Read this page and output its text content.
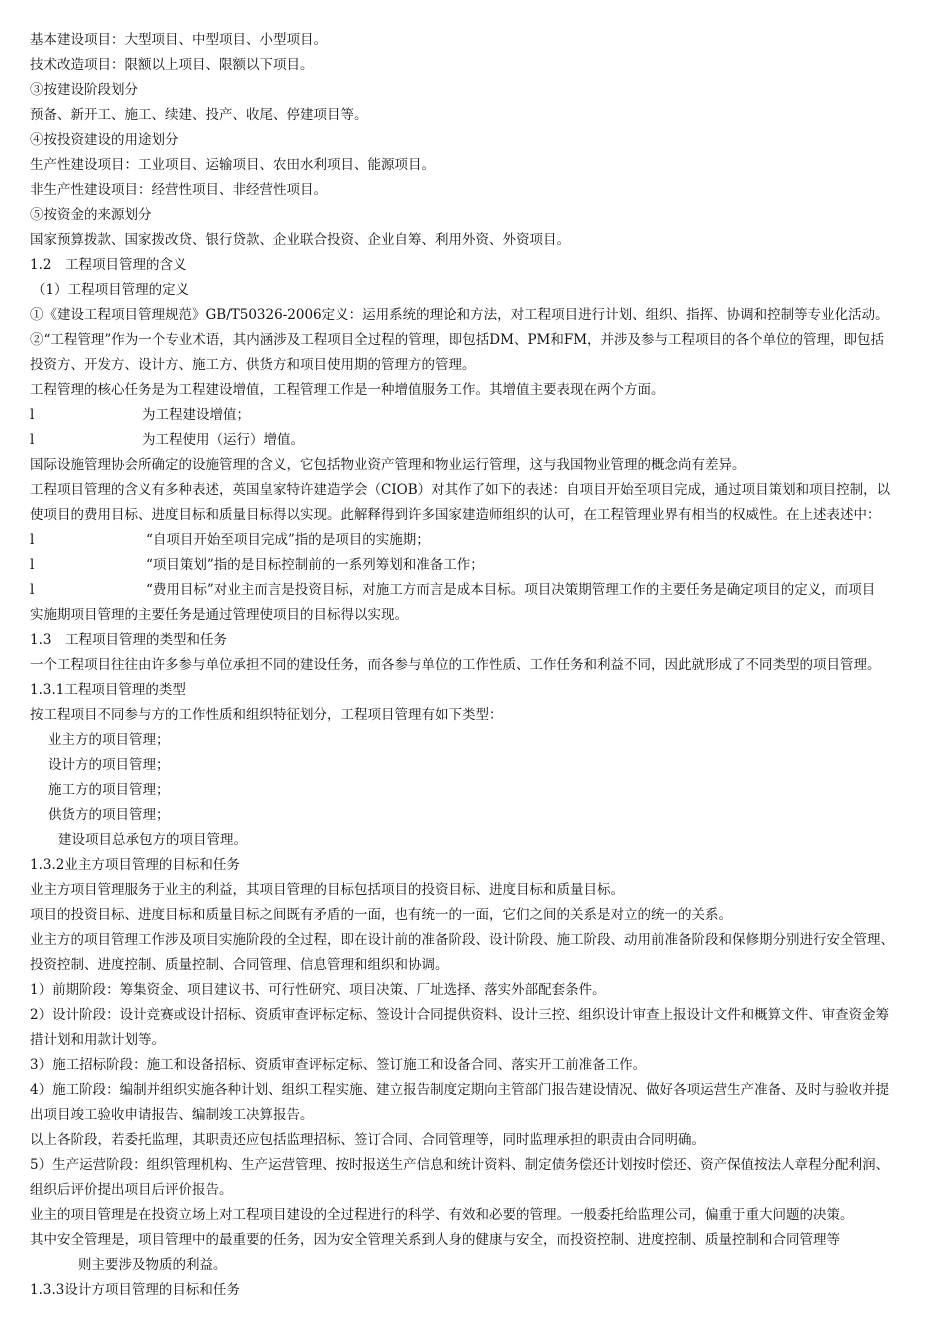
基本建设项目：大型项目、中型项目、小型项目。
技术改造项目：限额以上项目、限额以下项目。
③按建设阶段划分
预备、新开工、施工、续建、投产、收尾、停建项目等。
④按投资建设的用途划分
生产性建设项目：工业项目、运输项目、农田水利项目、能源项目。
非生产性建设项目：经营性项目、非经营性项目。
⑤按资金的来源划分
国家预算拨款、国家拨改贷、银行贷款、企业联合投资、企业自筹、利用外资、外资项目。
1.2　工程项目管理的含义
（1）工程项目管理的定义
①《建设工程项目管理规范》GB/T50326-2006定义：运用系统的理论和方法，对工程项目进行计划、组织、指挥、协调和控制等专业化活动。
②“工程管理”作为一个专业术语，其内涵涉及工程项目全过程的管理，即包括DM、PM和FM，并涉及参与工程项目的各个单位的管理，即包括
投资方、开发方、设计方、施工方、供货方和项目使用期的管理方的管理。
工程管理的核心任务是为工程建设增值，工程管理工作是一种增值服务工作。其增值主要表现在两个方面。
l	为工程建设增值；
l	为工程使用（运行）增值。
国际设施管理协会所确定的设施管理的含义，它包括物业资产管理和物业运行管理，这与我国物业管理的概念尚有差异。
工程项目管理的含义有多种表述，英国皇家特许建造学会（CIOB）对其作了如下的表述：自项目开始至项目完成，通过项目策划和项目控制，以
使项目的费用目标、进度目标和质量目标得以实现。此解释得到许多国家建造师组织的认可，在工程管理业界有相当的权威性。在上述表述中：
l	“自项目开始至项目完成”指的是项目的实施期；
l	“项目策划”指的是目标控制前的一系列筹划和准备工作；
l	“费用目标”对业主而言是投资目标，对施工方而言是成本目标。项目决策期管理工作的主要任务是确定项目的定义，而项目
实施期项目管理的主要任务是通过管理使项目的目标得以实现。
1.3　工程项目管理的类型和任务
一个工程项目往往由许多参与单位承担不同的建设任务，而各参与单位的工作性质、工作任务和利益不同，因此就形成了不同类型的项目管理。
1.3.1工程项目管理的类型
按工程项目不同参与方的工作性质和组织特征划分，工程项目管理有如下类型：
业主方的项目管理；
设计方的项目管理；
施工方的项目管理；
供货方的项目管理；
建设项目总承包方的项目管理。
1.3.2业主方项目管理的目标和任务
业主方项目管理服务于业主的利益，其项目管理的目标包括项目的投资目标、进度目标和质量目标。
项目的投资目标、进度目标和质量目标之间既有矛盾的一面，也有统一的一面，它们之间的关系是对立的统一的关系。
业主方的项目管理工作涉及项目实施阶段的全过程，即在设计前的准备阶段、设计阶段、施工阶段、动用前准备阶段和保修期分别进行安全管理、
投资控制、进度控制、质量控制、合同管理、信息管理和组织和协调。
1）前期阶段：筹集资金、项目建议书、可行性研究、项目决策、厂址选择、落实外部配套条件。
2）设计阶段：设计竞赛或设计招标、资质审查评标定标、签设计合同提供资料、设计三控、组织设计审查上报设计文件和概算文件、审查资金筹
措计划和用款计划等。
3）施工招标阶段：施工和设备招标、资质审查评标定标、签订施工和设备合同、落实开工前准备工作。
4）施工阶段：编制并组织实施各种计划、组织工程实施、建立报告制度定期向主管部门报告建设情况、做好各项运营生产准备、及时与验收并提
出项目竣工验收申请报告、编制竣工决算报告。
以上各阶段，若委托监理，其职责还应包括监理招标、签订合同、合同管理等，同时监理承担的职责由合同明确。
5）生产运营阶段：组织管理机构、生产运营管理、按时报送生产信息和统计资料、制定债务偿还计划按时偿还、资产保值按法人章程分配利润、
组织后评价提出项目后评价报告。
业主的项目管理是在投资立场上对工程项目建设的全过程进行的科学、有效和必要的管理。一般委托给监理公司，偏重于重大问题的决策。
其中安全管理是，项目管理中的最重要的任务，因为安全管理关系到人身的健康与安全，而投资控制、进度控制、质量控制和合同管理等
则主要涉及物质的利益。
1.3.3设计方项目管理的目标和任务
